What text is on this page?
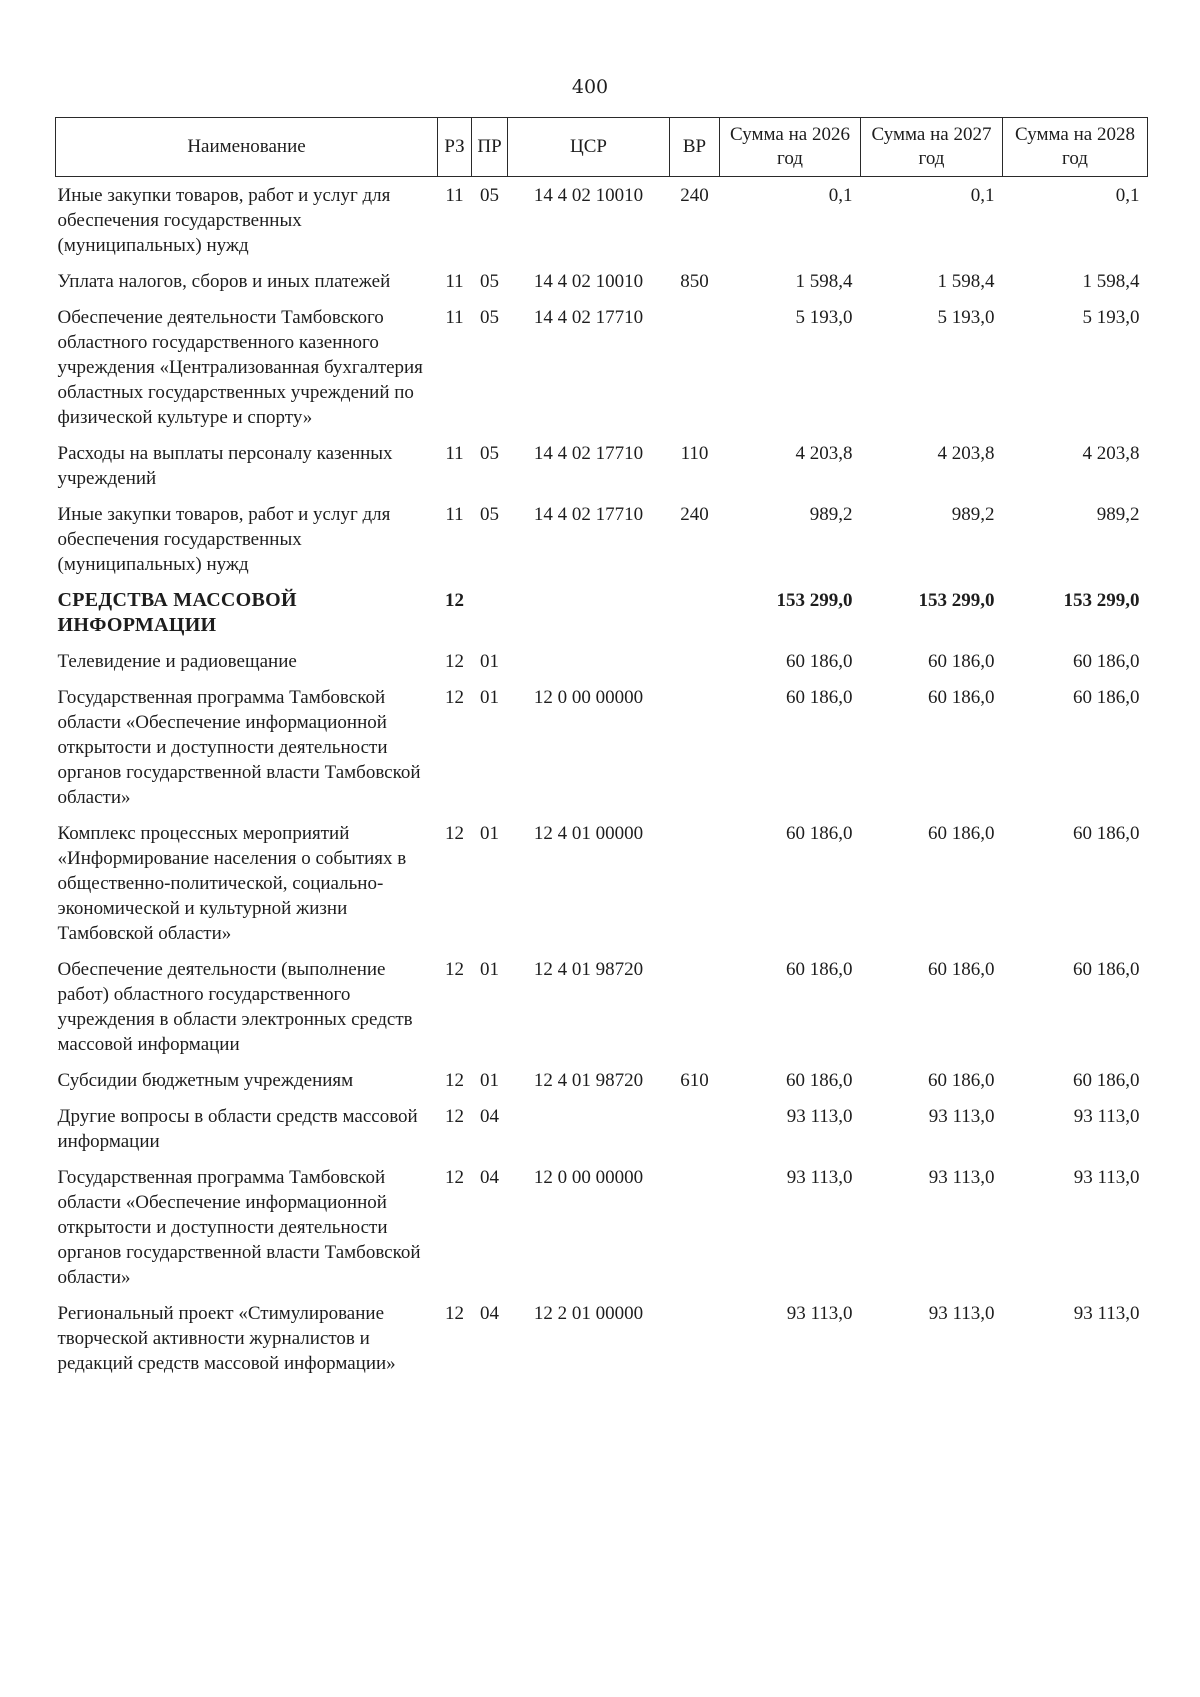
400
Наименование	РЗ	ПР	ЦСР	ВР	Сумма на 2026 год	Сумма на 2027 год	Сумма на 2028 год
Иные закупки товаров, работ и услуг для обеспечения государственных (муниципальных) нужд	11	05	14 4 02 10010	240	0,1	0,1	0,1
Уплата налогов, сборов и иных платежей	11	05	14 4 02 10010	850	1 598,4	1 598,4	1 598,4
Обеспечение деятельности Тамбовского областного государственного казенного учреждения «Централизованная бухгалтерия областных государственных учреждений по физической культуре и спорту»	11	05	14 4 02 17710		5 193,0	5 193,0	5 193,0
Расходы на выплаты персоналу казенных учреждений	11	05	14 4 02 17710	110	4 203,8	4 203,8	4 203,8
Иные закупки товаров, работ и услуг для обеспечения государственных (муниципальных) нужд	11	05	14 4 02 17710	240	989,2	989,2	989,2
СРЕДСТВА МАССОВОЙ ИНФОРМАЦИИ	12				153 299,0	153 299,0	153 299,0
Телевидение и радиовещание	12	01			60 186,0	60 186,0	60 186,0
Государственная программа Тамбовской области «Обеспечение информационной открытости и доступности деятельности органов государственной власти Тамбовской области»	12	01	12 0 00 00000		60 186,0	60 186,0	60 186,0
Комплекс процессных мероприятий «Информирование населения о событиях в общественно-политической, социально-экономической и культурной жизни Тамбовской области»	12	01	12 4 01 00000		60 186,0	60 186,0	60 186,0
Обеспечение деятельности (выполнение работ) областного государственного учреждения в области электронных средств массовой информации	12	01	12 4 01 98720		60 186,0	60 186,0	60 186,0
Субсидии бюджетным учреждениям	12	01	12 4 01 98720	610	60 186,0	60 186,0	60 186,0
Другие вопросы в области средств массовой информации	12	04			93 113,0	93 113,0	93 113,0
Государственная программа Тамбовской области «Обеспечение информационной открытости и доступности деятельности органов государственной власти Тамбовской области»	12	04	12 0 00 00000		93 113,0	93 113,0	93 113,0
Региональный проект «Стимулирование творческой активности журналистов и редакций средств массовой информации»	12	04	12 2 01 00000		93 113,0	93 113,0	93 113,0
